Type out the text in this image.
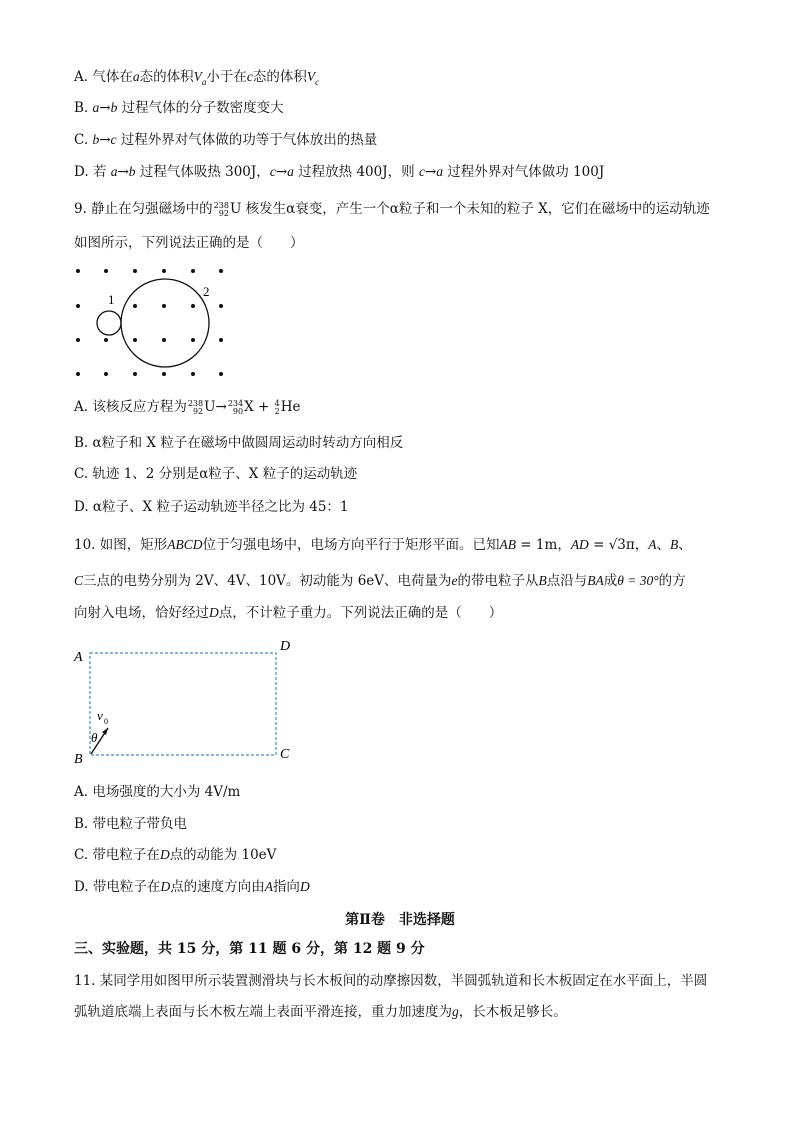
A. 气体在a态的体积$V_a$小于在c态的体积$V_c$
B. a→b 过程气体的分子数密度变大
C. b→c 过程外界对气体做的功等于气体放出的热量
D. 若 a→b 过程气体吸热 300J，c→a 过程放热 400J，则 c→a 过程外界对气体做功 100J
9. 静止在匀强磁场中的 238
92 U 核发生α衰变，产生一个α粒子和一个未知的粒子 X，它们在磁场中的运动轨迹
如图所示，下列说法正确的是（　　）
1
2
A. 该核反应方程为 238
92 U→ 234
90 X + 4
2 He
B. α粒子和 X 粒子在磁场中做圆周运动时转动方向相反
C. 轨迹 1、2 分别是α粒子、X 粒子的运动轨迹
D. α粒子、X 粒子运动轨迹半径之比为 45：1
10. 如图，矩形ABCD位于匀强电场中，电场方向平行于矩形平面。已知AB = 1m，AD = √3π，A、B、
C三点的电势分别为 2V、4V、10V。初动能为 6eV、电荷量为e的带电粒子从B点沿与BA成θ = 30°的方
向射入电场，恰好经过D点，不计粒子重力。下列说法正确的是（　　）
A
D
B	C
v 0
θ
A. 电场强度的大小为 4V/m
B. 带电粒子带负电
C. 带电粒子在D点的动能为 10eV
D. 带电粒子在D点的速度方向由A指向D
第Ⅱ卷　非选择题
三、实验题，共 15 分，第 11 题 6 分，第 12 题 9 分
11. 某同学用如图甲所示装置测滑块与长木板间的动摩擦因数，半圆弧轨道和长木板固定在水平面上，半圆
弧轨道底端上表面与长木板左端上表面平滑连接，重力加速度为g，长木板足够长。
